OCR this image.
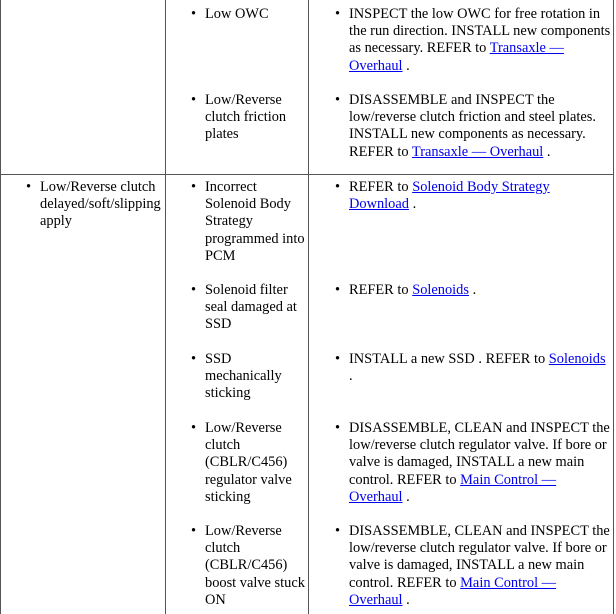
• Low OWC	• INSPECT the low OWC for free rotation in the run direction. INSTALL new components as necessary. REFER to Transaxle — Overhaul .
• Low/Reverse clutch friction plates
• DISASSEMBLE and INSPECT the low/reverse clutch friction and steel plates. INSTALL new components as necessary. REFER to Transaxle — Overhaul .
• Low/Reverse clutch delayed/soft/slipping apply
• Incorrect Solenoid Body Strategy programmed into PCM
• REFER to Solenoid Body Strategy Download .
• Solenoid filter seal damaged at SSD
• REFER to Solenoids .
• SSD mechanically sticking
• INSTALL a new SSD . REFER to Solenoids .
• Low/Reverse clutch (CBLR/C456) regulator valve sticking
• DISASSEMBLE, CLEAN and INSPECT the low/reverse clutch regulator valve. If bore or valve is damaged, INSTALL a new main control. REFER to Main Control — Overhaul .
• Low/Reverse clutch (CBLR/C456) boost valve stuck ON
• DISASSEMBLE, CLEAN and INSPECT the low/reverse clutch regulator valve. If bore or valve is damaged, INSTALL a new main control. REFER to Main Control — Overhaul .
